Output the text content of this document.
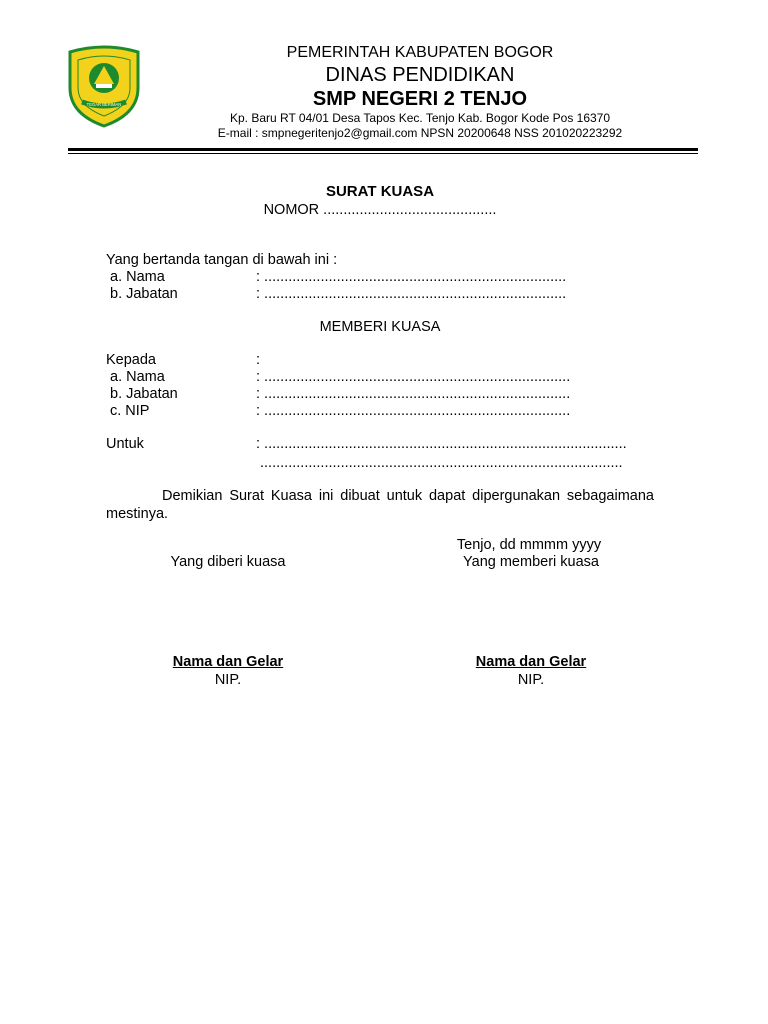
TEGAR BERIMAN
PEMERINTAH KABUPATEN BOGOR
DINAS PENDIDIKAN
SMP NEGERI 2 TENJO
Kp. Baru RT 04/01 Desa Tapos Kec. Tenjo Kab. Bogor Kode Pos 16370
E-mail : smpnegeritenjo2@gmail.com NPSN 20200648 NSS 201020223292
SURAT KUASA
NOMOR ...........................................
Yang bertanda tangan di bawah ini :
a. Nama	: ...........................................................................
b. Jabatan	: ...........................................................................
MEMBERI KUASA
Kepada	:
a. Nama	: ............................................................................
b. Jabatan	: ............................................................................
c. NIP	: ............................................................................
Untuk	: ..........................................................................................
..........................................................................................
Demikian Surat Kuasa ini dibuat untuk dapat dipergunakan sebagaimana mestinya.
Tenjo, dd mmmm yyyy
Yang diberi kuasa	Yang memberi kuasa
Nama dan Gelar	Nama dan Gelar
NIP.	NIP.
